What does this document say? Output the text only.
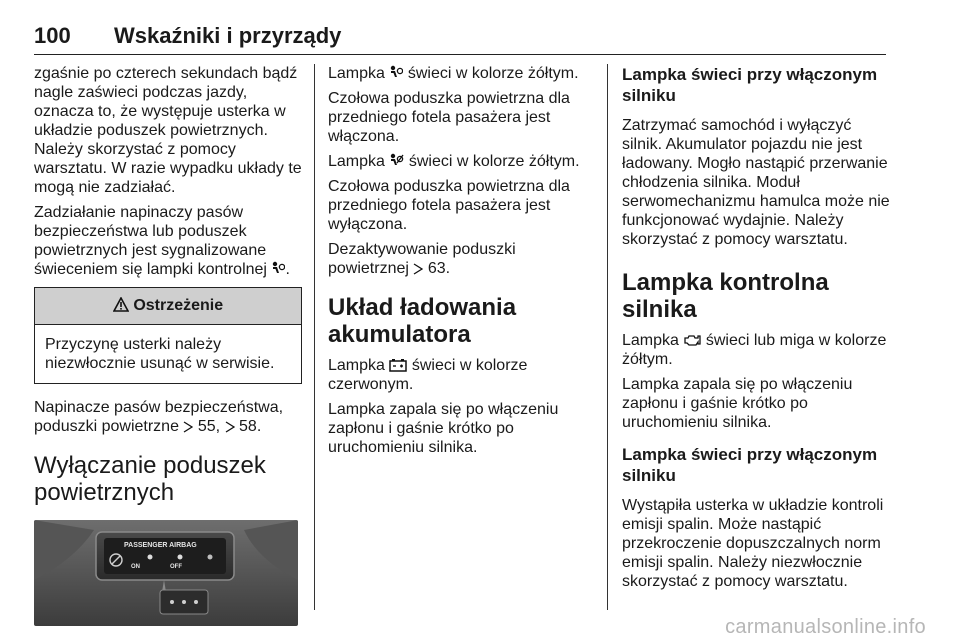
100 Wskaźniki i przyrządy

zgaśnie po czterech sekundach bądź nagle zaświeci podczas jazdy, oznacza to, że występuje usterka w układzie poduszek powietrznych. Należy skorzystać z pomocy warsztatu. W razie wypadku układy te mogą nie zadziałać.

Zadziałanie napinaczy pasów bezpieczeństwa lub poduszek powietrznych jest sygnalizowane świeceniem się lampki kontrolnej .

Ostrzeżenie

Przyczynę usterki należy niezwłocznie usunąć w serwisie.

Napinacze pasów bezpieczeństwa, poduszki powietrzne 55, 58.

Wyłączanie poduszek powietrznych
PASSENGER AIRBAG
ON	OFF

Lampka świeci w kolorze żółtym.

Czołowa poduszka powietrzna dla przedniego fotela pasażera jest włączona.

Lampka świeci w kolorze żółtym.

Czołowa poduszka powietrzna dla przedniego fotela pasażera jest wyłączona.

Dezaktywowanie poduszki powietrznej 63.

Układ ładowania akumulatora

Lampka świeci w kolorze czerwonym.

Lampka zapala się po włączeniu zapłonu i gaśnie krótko po uruchomieniu silnika.

Lampka świeci przy włączonym silniku

Zatrzymać samochód i wyłączyć silnik. Akumulator pojazdu nie jest ładowany. Mogło nastąpić przerwanie chłodzenia silnika. Moduł serwomechanizmu hamulca może nie funkcjonować wydajnie. Należy skorzystać z pomocy warsztatu.

Lampka kontrolna silnika

Lampka świeci lub miga w kolorze żółtym.

Lampka zapala się po włączeniu zapłonu i gaśnie krótko po uruchomieniu silnika.

Lampka świeci przy włączonym silniku

Wystąpiła usterka w układzie kontroli emisji spalin. Może nastąpić przekroczenie dopuszczalnych norm emisji spalin. Należy niezwłocznie skorzystać z pomocy warsztatu.

carmanualsonline.info
